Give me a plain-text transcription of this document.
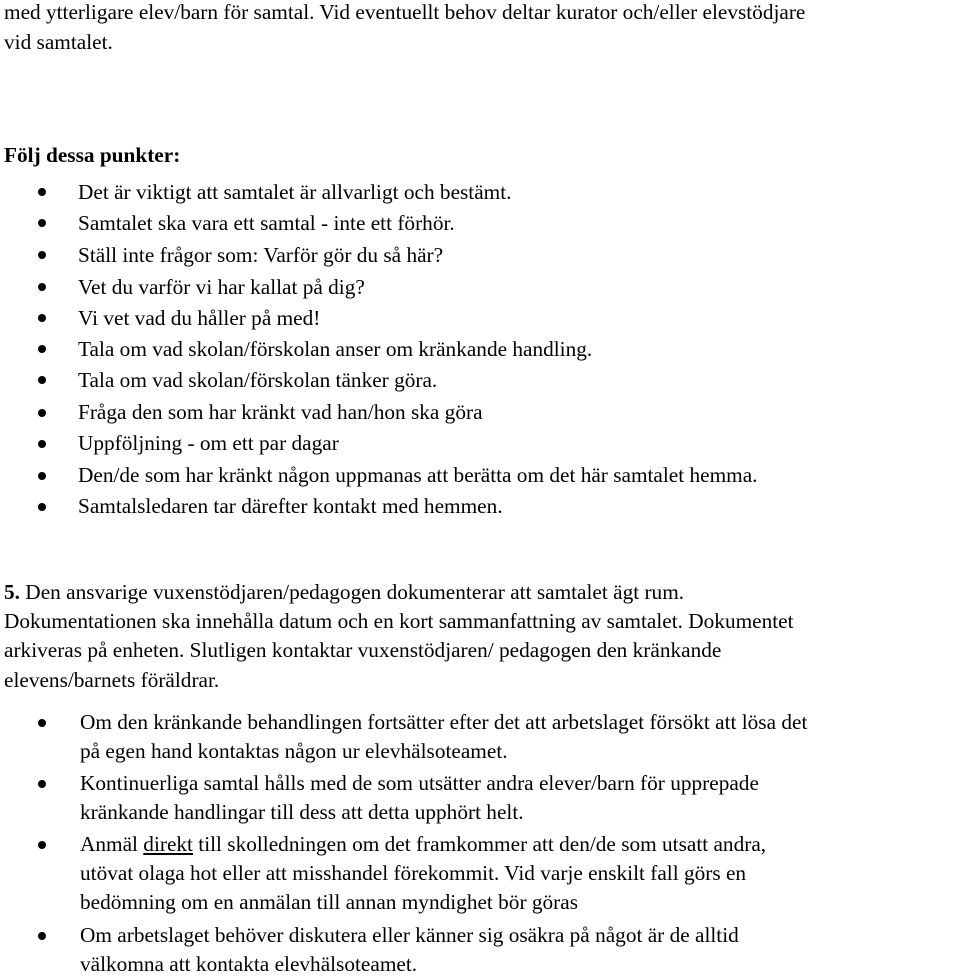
med ytterligare elev/barn för samtal. Vid eventuellt behov deltar kurator och/eller elevstödjare
vid samtalet.
Följ dessa punkter:
Det är viktigt att samtalet är allvarligt och bestämt.
Samtalet ska vara ett samtal - inte ett förhör.
Ställ inte frågor som: Varför gör du så här?
Vet du varför vi har kallat på dig?
Vi vet vad du håller på med!
Tala om vad skolan/förskolan anser om kränkande handling.
Tala om vad skolan/förskolan tänker göra.
Fråga den som har kränkt vad han/hon ska göra
Uppföljning - om ett par dagar
Den/de som har kränkt någon uppmanas att berätta om det här samtalet hemma.
Samtalsledaren tar därefter kontakt med hemmen.
5. Den ansvarige vuxenstödjaren/pedagogen dokumenterar att samtalet ägt rum.
Dokumentationen ska innehålla datum och en kort sammanfattning av samtalet. Dokumentet
arkiveras på enheten. Slutligen kontaktar vuxenstödjaren/ pedagogen den kränkande
elevens/barnets föräldrar.
Om den kränkande behandlingen fortsätter efter det att arbetslaget försökt att lösa det
på egen hand kontaktas någon ur elevhälsoteamet.
Kontinuerliga samtal hålls med de som utsätter andra elever/barn för upprepade
kränkande handlingar till dess att detta upphört helt.
Anmäl direkt till skolledningen om det framkommer att den/de som utsatt andra,
utövat olaga hot eller att misshandel förekommit. Vid varje enskilt fall görs en
bedömning om en anmälan till annan myndighet bör göras
Om arbetslaget behöver diskutera eller känner sig osäkra på något är de alltid
välkomna att kontakta elevhälsoteamet.
